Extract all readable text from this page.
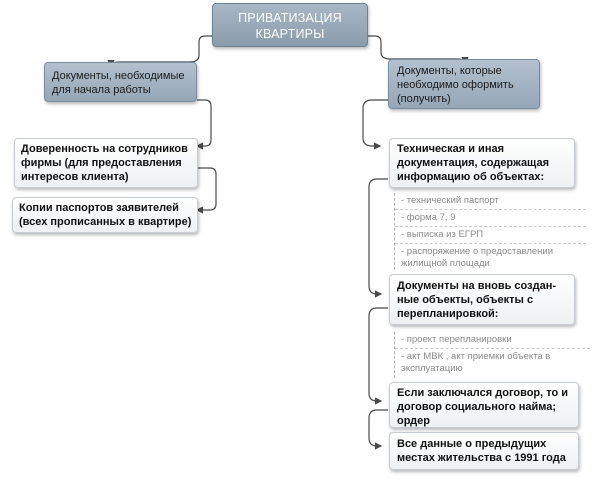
ПРИВАТИЗАЦИЯ
КВАРТИРЫ
Документы, необходимые
для начала работы
Документы, которые
необходимо оформить
(получить)
Доверенность на сотрудников
фирмы (для предоставления
интересов клиента)
Копии паспортов заявителей
(всех прописанных в квартире)
Техническая и иная
документация, содержащая
информацию об объектах:
- технический паспорт
- форма 7, 9
- выписка из ЕГРП
- распоряжение о предоставлении жилищной площади
Документы на вновь создан-
ные объекты, объекты с
перепланировкой:
- проект перепланировки
- акт МВК , акт приемки объекта в эксплуатацию
Если заключался договор, то и
договор социального найма;
ордер
Все данные о предыдущих
местах жительства с 1991 года
